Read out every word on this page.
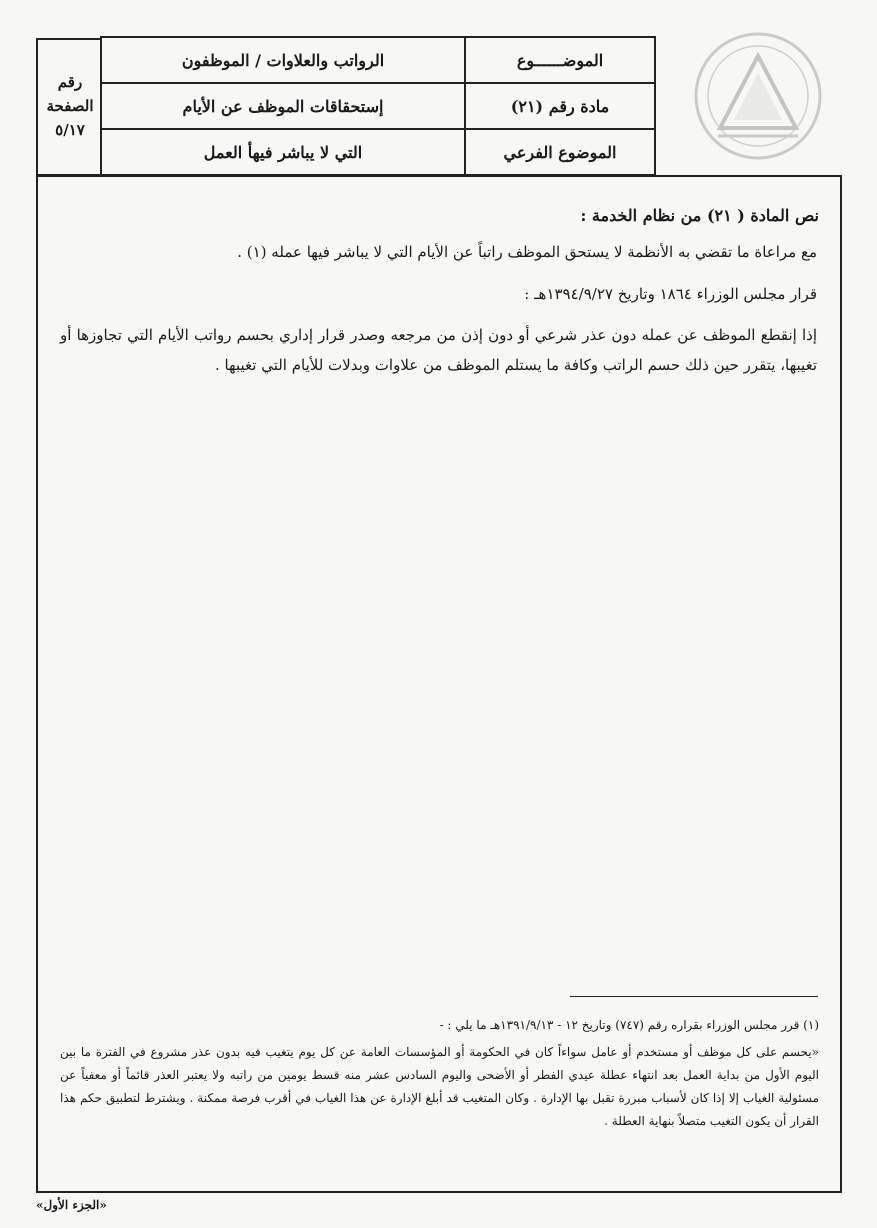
رقم
الصفحة
٥/١٧
الرواتب والعلاوات / الموظفون	الموضــــــوع
إستحقاقات الموظف عن الأيام	مادة رقم (٢١)
التي لا يباشر فيهأ العمل	الموضوع الفرعي
نص المادة ( ٢١) من نظام الخدمة :
مع مراعاة ما تقضي به الأنظمة لا يستحق الموظف راتباً عن الأيام التي لا يباشر فيها عمله (١) .
قرار مجلس الوزراء ١٨٦٤ وتاريخ ١٣٩٤/٩/٢٧هـ :
إذا إنقطع الموظف عن عمله دون عذر شرعي أو دون إذن من مرجعه وصدر قرار إداري بحسم رواتب الأيام التي تجاوزها أو تغيبها، يتقرر حين ذلك حسم الراتب وكافة ما يستلم الموظف من علاوات وبدلات للأيام التي تغيبها .
(١) قرر مجلس الوزراء بقراره رقم (٧٤٧) وتاريخ ١٢ - ١٣٩١/٩/١٣هـ ما يلي : -
«يحسم على كل موظف أو مستخدم أو عامل سواءاً كان في الحكومة أو المؤسسات العامة عن كل يوم يتغيب فيه بدون عذر مشروع في الفترة ما بين اليوم الأول من بداية العمل بعد انتهاء عطلة عيدي الفطر أو الأضحى واليوم السادس عشر منه قسط يومين من راتبه ولا يعتبر العذر قائماً أو معفياً عن مسئولية الغياب إلا إذا كان لأسباب مبررة تقبل بها الإدارة . وكان المتغيب قد أبلغ الإدارة عن هذا الغياب في أقرب فرصة ممكنة . ويشترط لتطبيق حكم هذا القرار أن يكون التغيب متصلاً بنهاية العطلة .
«الجزء الأول»
